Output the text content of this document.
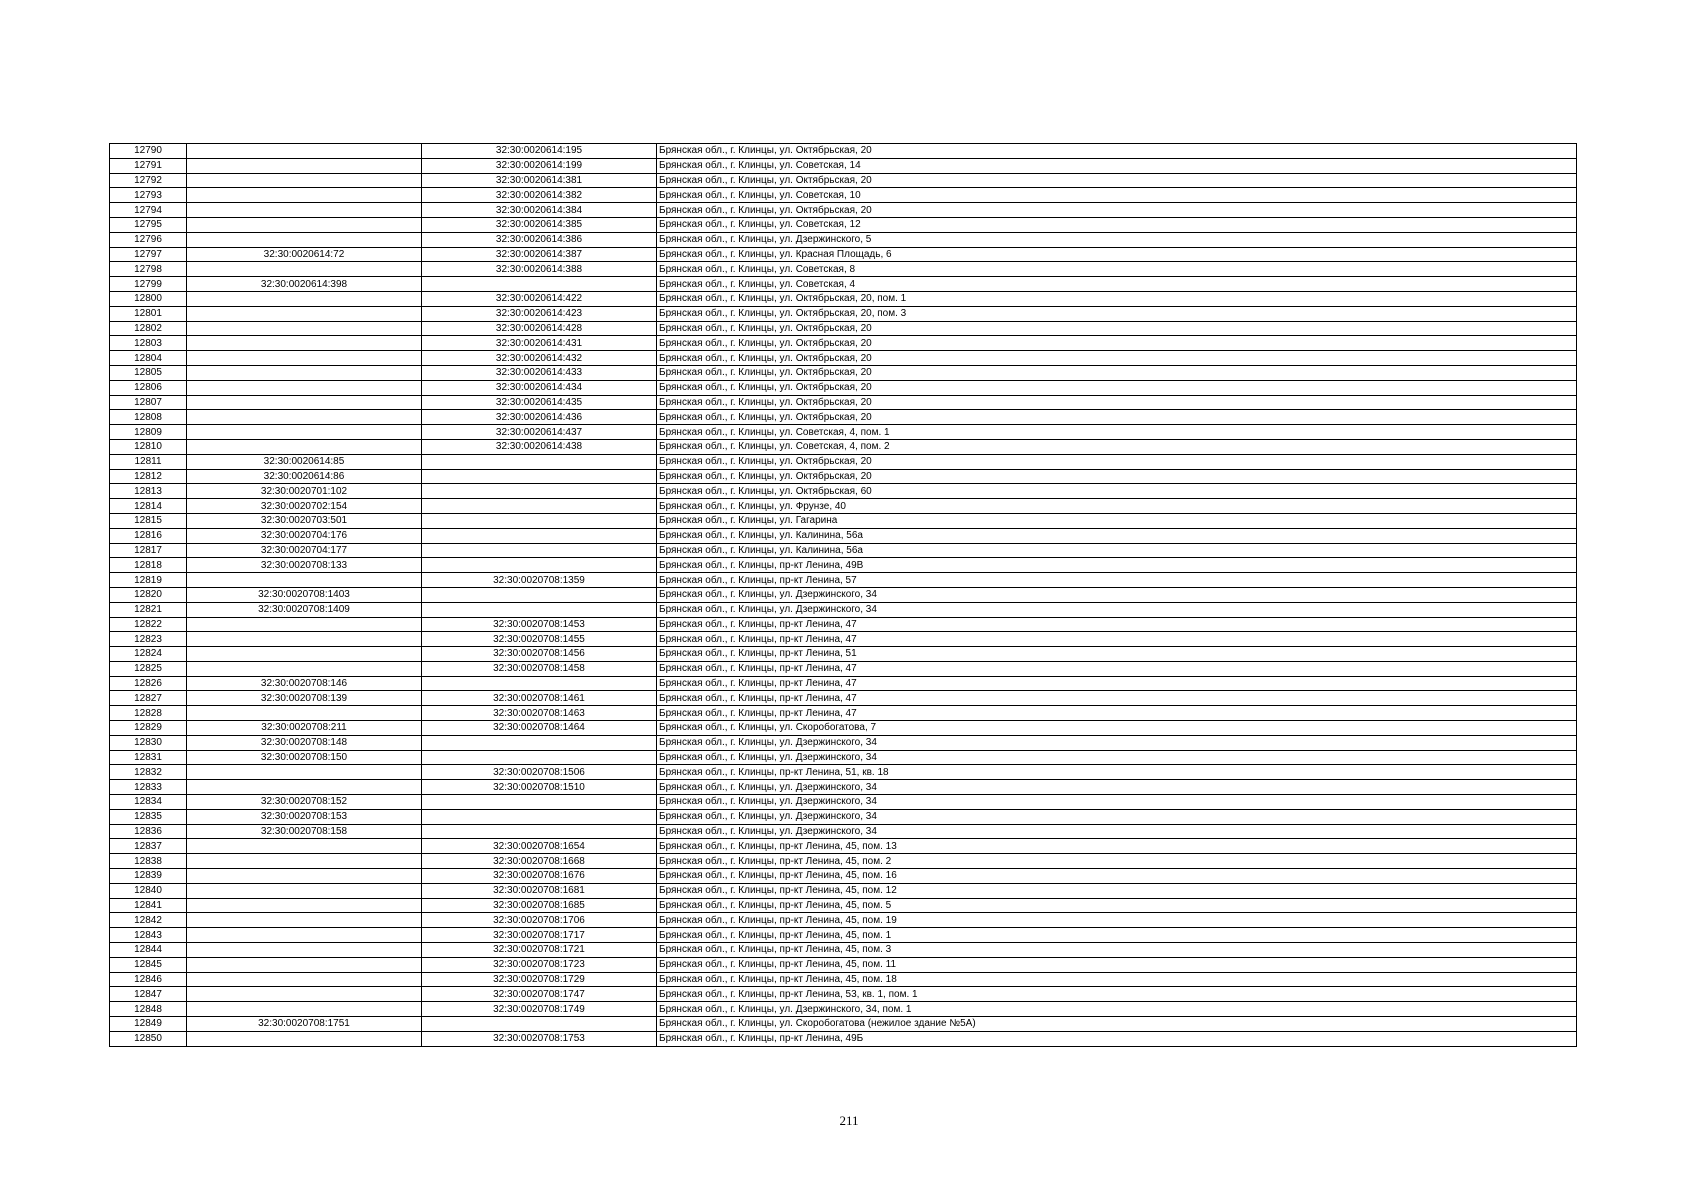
12790		32:30:0020614:195	Брянская обл., г. Клинцы, ул. Октябрьская, 20
12791		32:30:0020614:199	Брянская обл., г. Клинцы, ул. Советская, 14
12792		32:30:0020614:381	Брянская обл., г. Клинцы, ул. Октябрьская, 20
12793		32:30:0020614:382	Брянская обл., г. Клинцы, ул. Советская, 10
12794		32:30:0020614:384	Брянская обл., г. Клинцы, ул. Октябрьская, 20
12795		32:30:0020614:385	Брянская обл., г. Клинцы, ул. Советская, 12
12796		32:30:0020614:386	Брянская обл., г. Клинцы, ул. Дзержинского, 5
12797	32:30:0020614:72	32:30:0020614:387	Брянская обл., г. Клинцы, ул. Красная Площадь, 6
12798		32:30:0020614:388	Брянская обл., г. Клинцы, ул. Советская, 8
12799	32:30:0020614:398		Брянская обл., г. Клинцы, ул. Советская, 4
12800		32:30:0020614:422	Брянская обл., г. Клинцы, ул. Октябрьская, 20, пом. 1
12801		32:30:0020614:423	Брянская обл., г. Клинцы, ул. Октябрьская, 20, пом. 3
12802		32:30:0020614:428	Брянская обл., г. Клинцы, ул. Октябрьская, 20
12803		32:30:0020614:431	Брянская обл., г. Клинцы, ул. Октябрьская, 20
12804		32:30:0020614:432	Брянская обл., г. Клинцы, ул. Октябрьская, 20
12805		32:30:0020614:433	Брянская обл., г. Клинцы, ул. Октябрьская, 20
12806		32:30:0020614:434	Брянская обл., г. Клинцы, ул. Октябрьская, 20
12807		32:30:0020614:435	Брянская обл., г. Клинцы, ул. Октябрьская, 20
12808		32:30:0020614:436	Брянская обл., г. Клинцы, ул. Октябрьская, 20
12809		32:30:0020614:437	Брянская обл., г. Клинцы, ул. Советская, 4, пом. 1
12810		32:30:0020614:438	Брянская обл., г. Клинцы, ул. Советская, 4, пом. 2
12811	32:30:0020614:85		Брянская обл., г. Клинцы, ул. Октябрьская, 20
12812	32:30:0020614:86		Брянская обл., г. Клинцы, ул. Октябрьская, 20
12813	32:30:0020701:102		Брянская обл., г. Клинцы, ул. Октябрьская, 60
12814	32:30:0020702:154		Брянская обл., г. Клинцы, ул. Фрунзе, 40
12815	32:30:0020703:501		Брянская обл., г. Клинцы, ул. Гагарина
12816	32:30:0020704:176		Брянская обл., г. Клинцы, ул. Калинина, 56а
12817	32:30:0020704:177		Брянская обл., г. Клинцы, ул. Калинина, 56а
12818	32:30:0020708:133		Брянская обл., г. Клинцы, пр-кт Ленина, 49В
12819		32:30:0020708:1359	Брянская обл., г. Клинцы, пр-кт Ленина, 57
12820	32:30:0020708:1403		Брянская обл., г. Клинцы, ул. Дзержинского, 34
12821	32:30:0020708:1409		Брянская обл., г. Клинцы, ул. Дзержинского, 34
12822		32:30:0020708:1453	Брянская обл., г. Клинцы, пр-кт Ленина, 47
12823		32:30:0020708:1455	Брянская обл., г. Клинцы, пр-кт Ленина, 47
12824		32:30:0020708:1456	Брянская обл., г. Клинцы, пр-кт Ленина, 51
12825		32:30:0020708:1458	Брянская обл., г. Клинцы, пр-кт Ленина, 47
12826	32:30:0020708:146		Брянская обл., г. Клинцы, пр-кт Ленина, 47
12827	32:30:0020708:139	32:30:0020708:1461	Брянская обл., г. Клинцы, пр-кт Ленина, 47
12828		32:30:0020708:1463	Брянская обл., г. Клинцы, пр-кт Ленина, 47
12829	32:30:0020708:211	32:30:0020708:1464	Брянская обл., г. Клинцы, ул. Скоробогатова, 7
12830	32:30:0020708:148		Брянская обл., г. Клинцы, ул. Дзержинского, 34
12831	32:30:0020708:150		Брянская обл., г. Клинцы, ул. Дзержинского, 34
12832		32:30:0020708:1506	Брянская обл., г. Клинцы, пр-кт Ленина, 51, кв. 18
12833		32:30:0020708:1510	Брянская обл., г. Клинцы, ул. Дзержинского, 34
12834	32:30:0020708:152		Брянская обл., г. Клинцы, ул. Дзержинского, 34
12835	32:30:0020708:153		Брянская обл., г. Клинцы, ул. Дзержинского, 34
12836	32:30:0020708:158		Брянская обл., г. Клинцы, ул. Дзержинского, 34
12837		32:30:0020708:1654	Брянская обл., г. Клинцы, пр-кт Ленина, 45, пом. 13
12838		32:30:0020708:1668	Брянская обл., г. Клинцы, пр-кт Ленина, 45, пом. 2
12839		32:30:0020708:1676	Брянская обл., г. Клинцы, пр-кт Ленина, 45, пом. 16
12840		32:30:0020708:1681	Брянская обл., г. Клинцы, пр-кт Ленина, 45, пом. 12
12841		32:30:0020708:1685	Брянская обл., г. Клинцы, пр-кт Ленина, 45, пом. 5
12842		32:30:0020708:1706	Брянская обл., г. Клинцы, пр-кт Ленина, 45, пом. 19
12843		32:30:0020708:1717	Брянская обл., г. Клинцы, пр-кт Ленина, 45, пом. 1
12844		32:30:0020708:1721	Брянская обл., г. Клинцы, пр-кт Ленина, 45, пом. 3
12845		32:30:0020708:1723	Брянская обл., г. Клинцы, пр-кт Ленина, 45, пом. 11
12846		32:30:0020708:1729	Брянская обл., г. Клинцы, пр-кт Ленина, 45, пом. 18
12847		32:30:0020708:1747	Брянская обл., г. Клинцы, пр-кт Ленина, 53, кв. 1, пом. 1
12848		32:30:0020708:1749	Брянская обл., г. Клинцы, ул. Дзержинского, 34, пом. 1
12849	32:30:0020708:1751		Брянская обл., г. Клинцы, ул. Скоробогатова (нежилое здание №5А)
12850		32:30:0020708:1753	Брянская обл., г. Клинцы, пр-кт Ленина, 49Б
211
